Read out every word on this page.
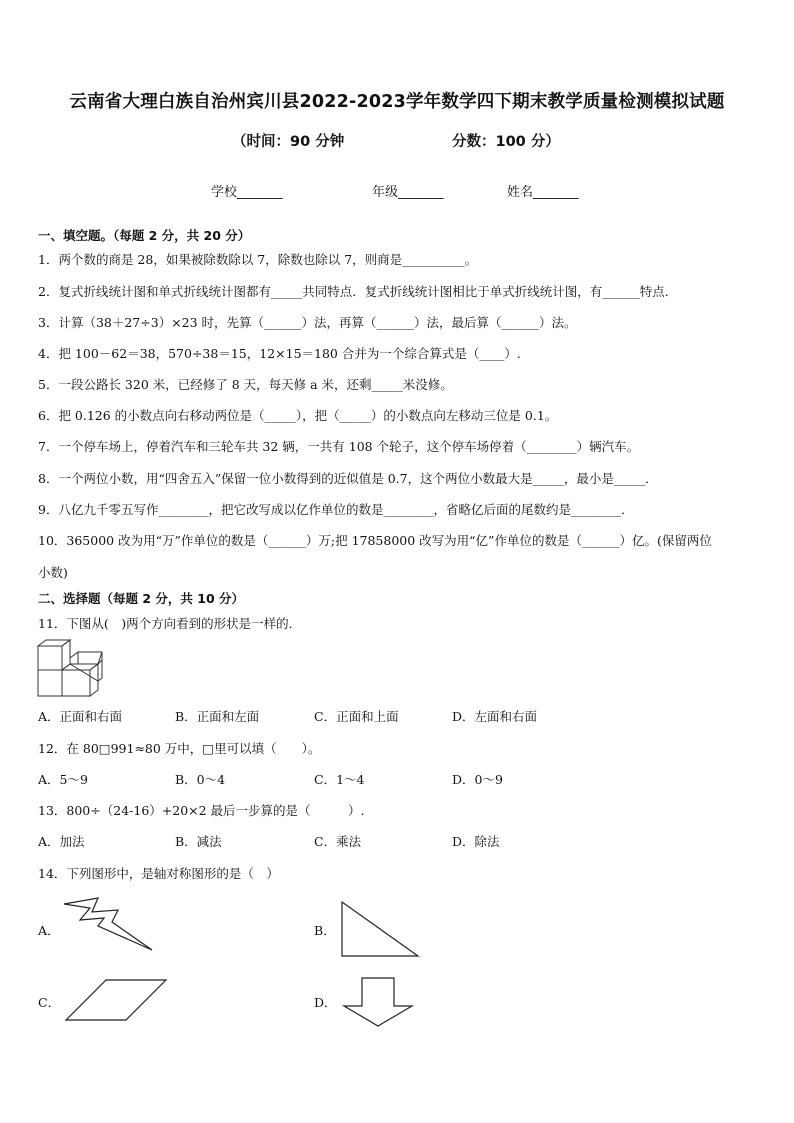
云南省大理白族自治州宾川县2022-2023学年数学四下期末教学质量检测模拟试题
（时间：90 分钟	分数：100 分）
学校_______	年级_______	姓名_______
一、填空题。（每题 2 分，共 20 分）
1．两个数的商是 28，如果被除数除以 7，除数也除以 7，则商是__________。
2．复式折线统计图和单式折线统计图都有_____共同特点．复式折线统计图相比于单式折线统计图，有______特点．
3．计算（38＋27÷3）×23 时，先算（______）法，再算（______）法，最后算（______）法。
4．把 100－62＝38，570÷38＝15，12×15＝180 合并为一个综合算式是（____）.
5．一段公路长 320 米，已经修了 8 天，每天修 a 米，还剩_____米没修。
6．把 0.126 的小数点向右移动两位是（_____），把（_____）的小数点向左移动三位是 0.1。
7．一个停车场上，停着汽车和三轮车共 32 辆，一共有 108 个轮子，这个停车场停着（________）辆汽车。
8．一个两位小数，用“四舍五入”保留一位小数得到的近似值是 0.7，这个两位小数最大是_____，最小是_____．
9．八亿九千零五写作________，把它改写成以亿作单位的数是________，省略亿后面的尾数约是________．
10．365000 改为用“万”作单位的数是（______）万;把 17858000 改写为用“亿”作单位的数是（______）亿。(保留两位
小数)
二、选择题（每题 2 分，共 10 分）
11．下图从(　)两个方向看到的形状是一样的．
A．正面和右面	B．正面和左面	C．正面和上面	D．左面和右面
12．在 80□991≈80 万中，□里可以填（　　）。
A．5～9	B．0～4	C．1～4	D．0～9
13．800÷（24-16）+20×2 最后一步算的是（　　　）.
A．加法	B．减法	C．乘法	D．除法
14．下列图形中，是轴对称图形的是（　）
A．	B．
C．	D．
